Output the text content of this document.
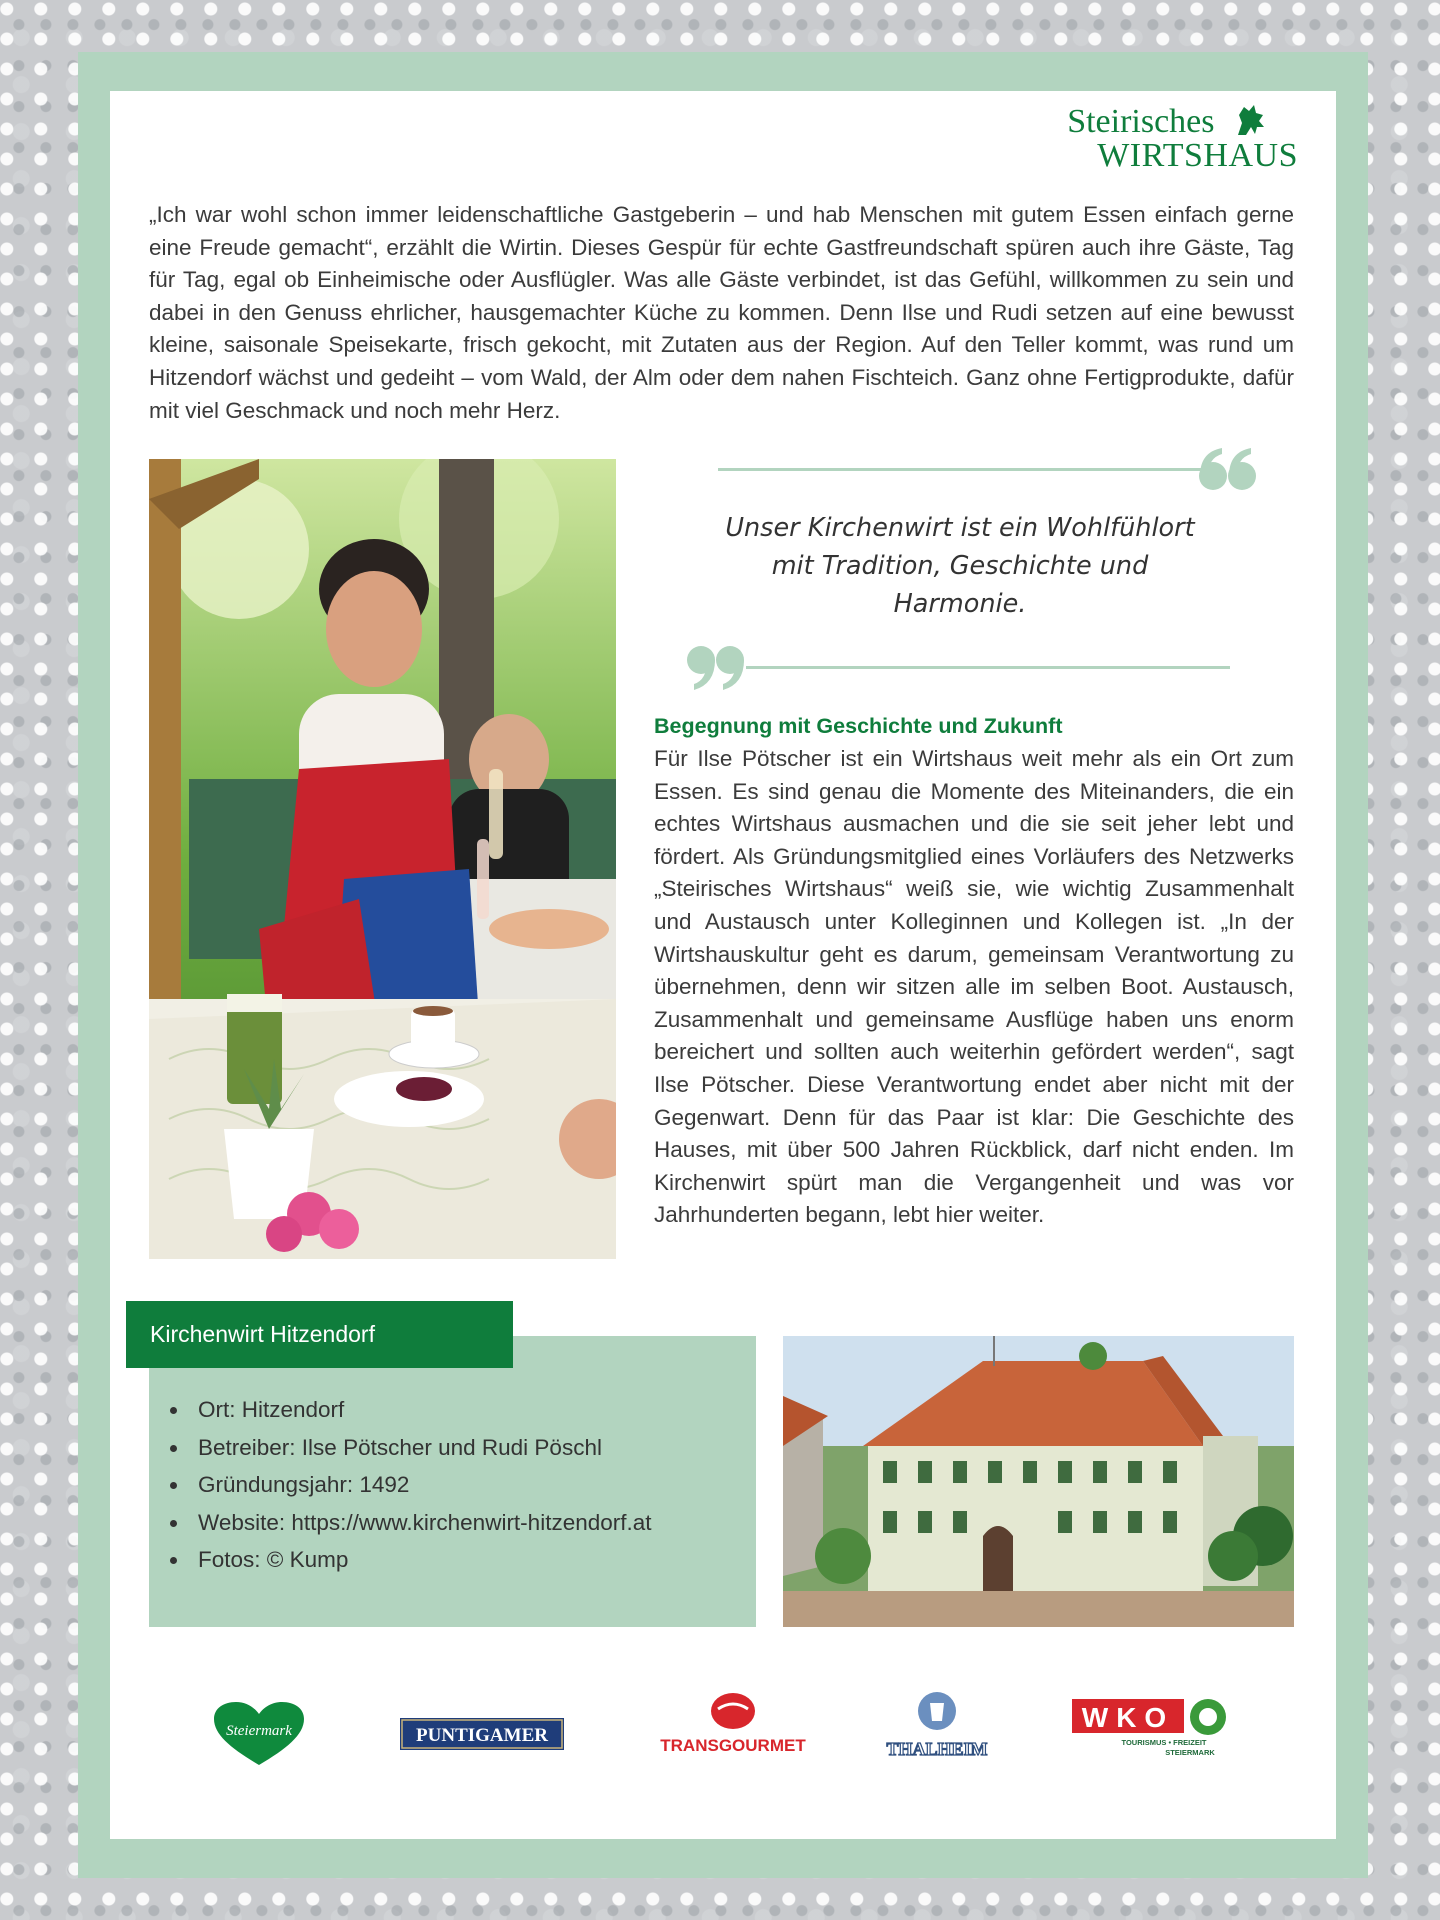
Steirisches
WIRTSHAUS

„Ich war wohl schon immer leidenschaftliche Gastgeberin – und hab Menschen mit gutem Essen einfach gerne eine Freude gemacht“, erzählt die Wirtin. Dieses Gespür für echte Gastfreundschaft spüren auch ihre Gäste, Tag für Tag, egal ob Einheimische oder Ausflügler. Was alle Gäste verbindet, ist das Gefühl, willkommen zu sein und dabei in den Genuss ehrlicher, hausgemachter Küche zu kommen. Denn Ilse und Rudi setzen auf eine bewusst kleine, saisonale Speisekarte, frisch gekocht, mit Zutaten aus der Region. Auf den Teller kommt, was rund um Hitzendorf wächst und gedeiht – vom Wald, der Alm oder dem nahen Fischteich. Ganz ohne Fertigprodukte, dafür mit viel Geschmack und noch mehr Herz.

Unser Kirchenwirt ist ein Wohlfühlort
mit Tradition, Geschichte und
Harmonie.
Begegnung mit Geschichte und Zukunft

Für Ilse Pötscher ist ein Wirtshaus weit mehr als ein Ort zum Essen. Es sind genau die Momente des Miteinanders, die ein echtes Wirtshaus ausmachen und die sie seit jeher lebt und fördert. Als Gründungsmitglied eines Vorläufers des Netzwerks „Steirisches Wirtshaus“ weiß sie, wie wichtig Zusammenhalt und Austausch unter Kolleginnen und Kollegen ist. „In der Wirtshauskultur geht es darum, gemeinsam Verantwortung zu übernehmen, denn wir sitzen alle im selben Boot. Austausch, Zusammenhalt und gemeinsame Ausflüge haben uns enorm bereichert und sollten auch weiterhin gefördert werden“, sagt Ilse Pötscher. Diese Verantwortung endet aber nicht mit der Gegenwart. Denn für das Paar ist klar: Die Geschichte des Hauses, mit über 500 Jahren Rückblick, darf nicht enden. Im Kirchenwirt spürt man die Vergangenheit und was vor Jahrhunderten begann, lebt hier weiter.

Kirchenwirt Hitzendorf
• Ort: Hitzendorf
• Betreiber: Ilse Pötscher und Rudi Pöschl
• Gründungsjahr: 1492
• Website: https://www.kirchenwirt-hitzendorf.at
• Fotos: © Kump
Steiermark	PUNTIGAMER	TRANSGOURMET	THALHEIM
WKO
TOURISMUS • FREIZEIT
STEIERMARK
